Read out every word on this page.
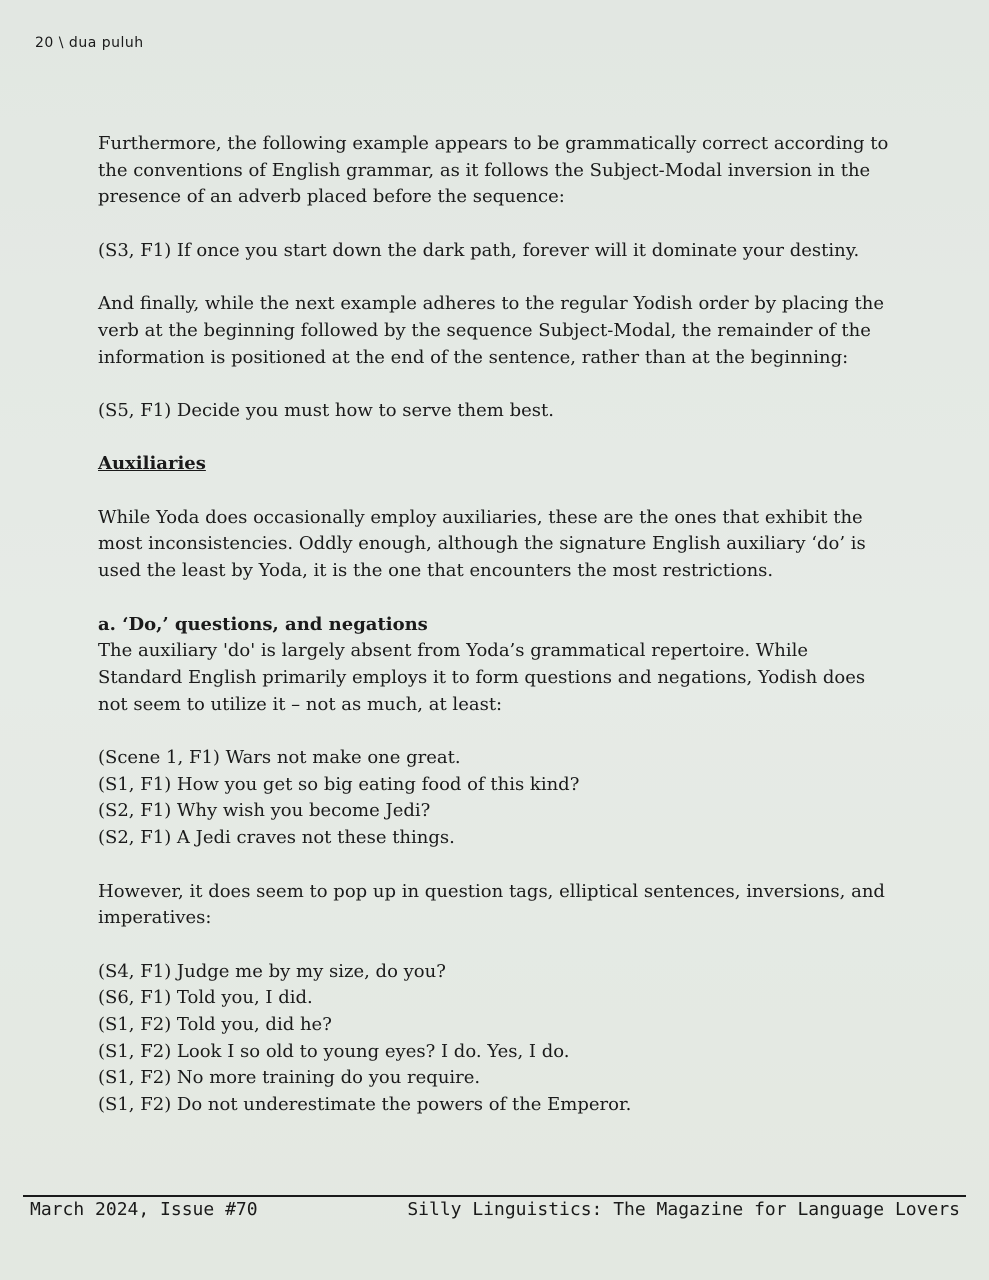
20 \ dua puluh

Furthermore, the following example appears to be grammatically correct according to the conventions of English grammar, as it follows the Subject-Modal inversion in the presence of an adverb placed before the sequence:

(S3, F1) If once you start down the dark path, forever will it dominate your destiny.

And finally, while the next example adheres to the regular Yodish order by placing the verb at the beginning followed by the sequence Subject-Modal, the remainder of the information is positioned at the end of the sentence, rather than at the beginning:

(S5, F1) Decide you must how to serve them best.

Auxiliaries

While Yoda does occasionally employ auxiliaries, these are the ones that exhibit the most inconsistencies. Oddly enough, although the signature English auxiliary ‘do’ is used the least by Yoda, it is the one that encounters the most restrictions.

a. ‘Do,’ questions, and negations

The auxiliary 'do' is largely absent from Yoda’s grammatical repertoire. While Standard English primarily employs it to form questions and negations, Yodish does not seem to utilize it – not as much, at least:

(Scene 1, F1) Wars not make one great.

(S1, F1) How you get so big eating food of this kind?

(S2, F1) Why wish you become Jedi?

(S2, F1) A Jedi craves not these things.

However, it does seem to pop up in question tags, elliptical sentences, inversions, and imperatives:

(S4, F1) Judge me by my size, do you?

(S6, F1) Told you, I did.

(S1, F2) Told you, did he?

(S1, F2) Look I so old to young eyes? I do. Yes, I do.

(S1, F2) No more training do you require.

(S1, F2) Do not underestimate the powers of the Emperor.

March 2024, Issue #70	Silly Linguistics: The Magazine for Language Lovers
